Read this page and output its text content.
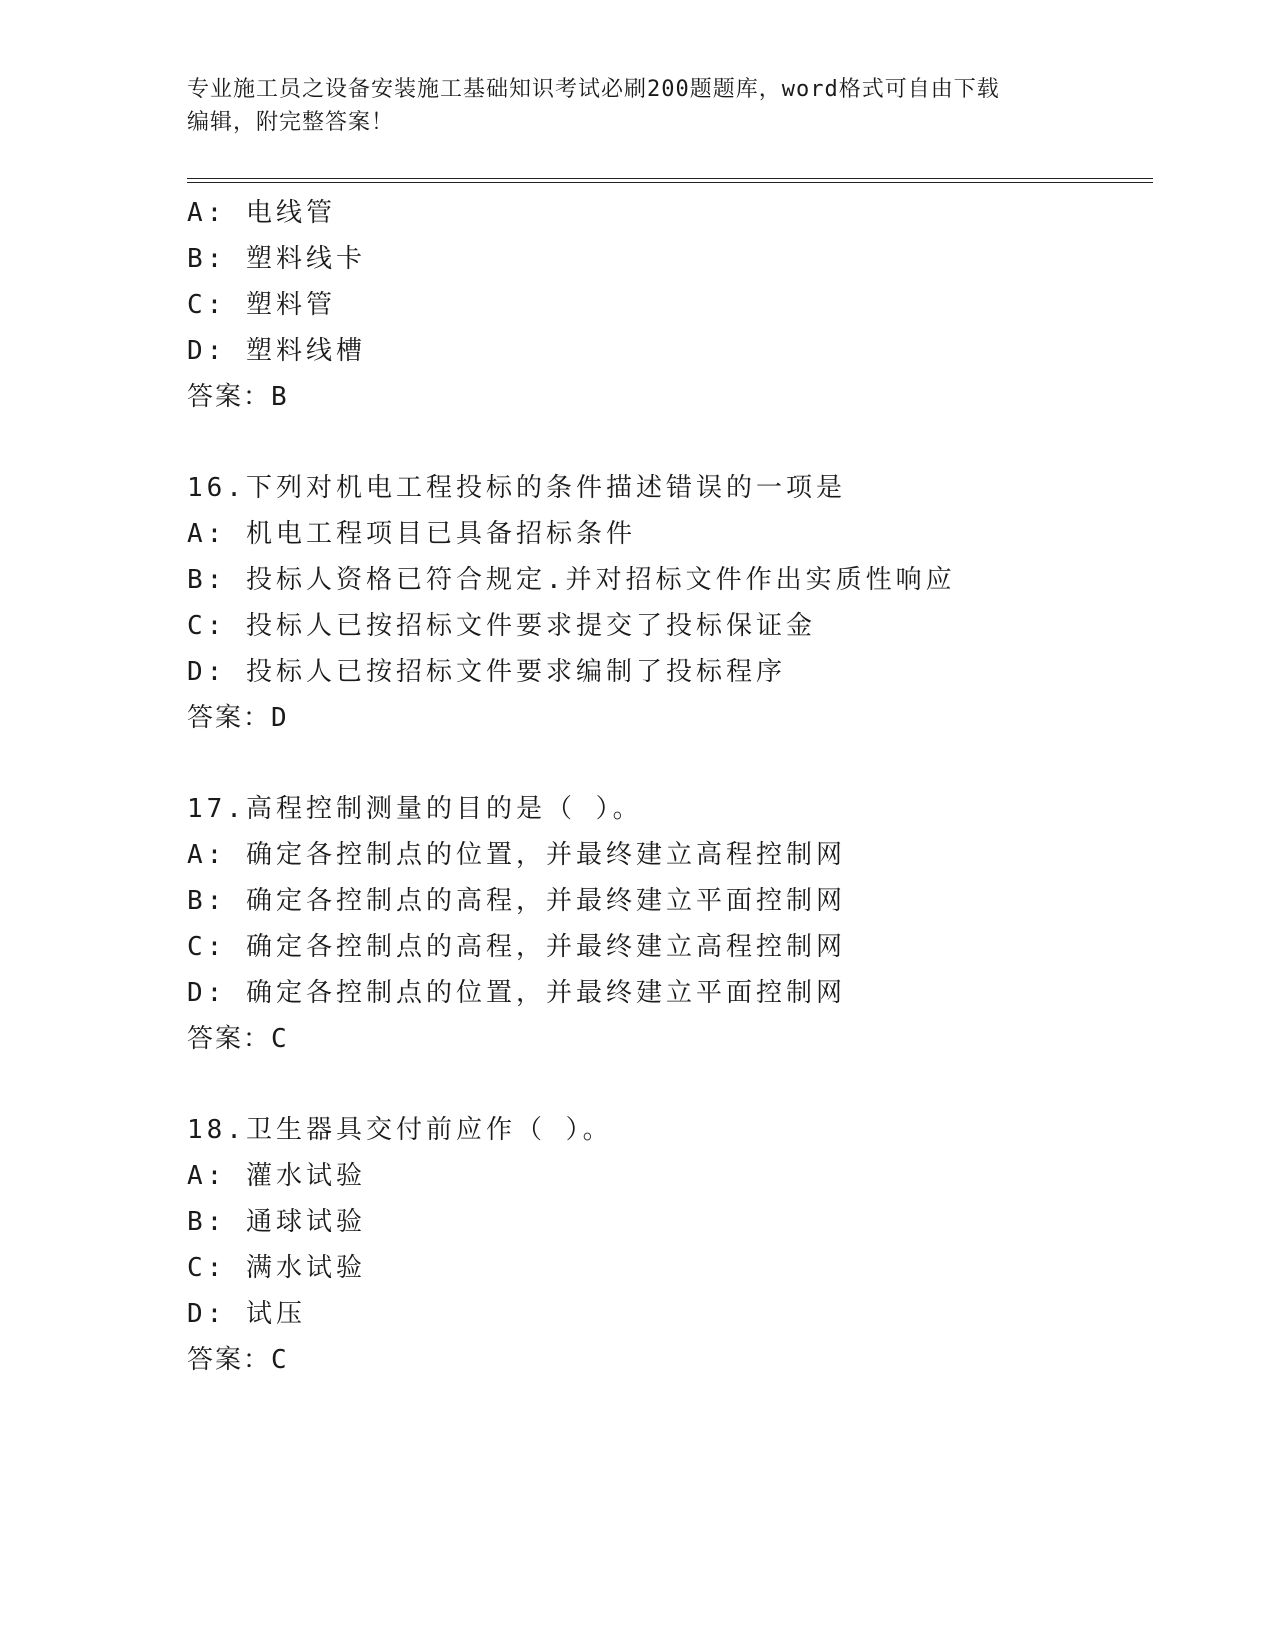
专业施工员之设备安装施工基础知识考试必刷200题题库，word格式可自由下载
编辑，附完整答案！
A: 电线管
B: 塑料线卡
C: 塑料管
D: 塑料线槽
答案：B
16.下列对机电工程投标的条件描述错误的一项是
A: 机电工程项目已具备招标条件
B: 投标人资格已符合规定.并对招标文件作出实质性响应
C: 投标人已按招标文件要求提交了投标保证金
D: 投标人已按招标文件要求编制了投标程序
答案：D
17.高程控制测量的目的是（ ）。
A: 确定各控制点的位置，并最终建立高程控制网
B: 确定各控制点的高程，并最终建立平面控制网
C: 确定各控制点的高程，并最终建立高程控制网
D: 确定各控制点的位置，并最终建立平面控制网
答案：C
18.卫生器具交付前应作（ ）。
A: 灌水试验
B: 通球试验
C: 满水试验
D: 试压
答案：C
